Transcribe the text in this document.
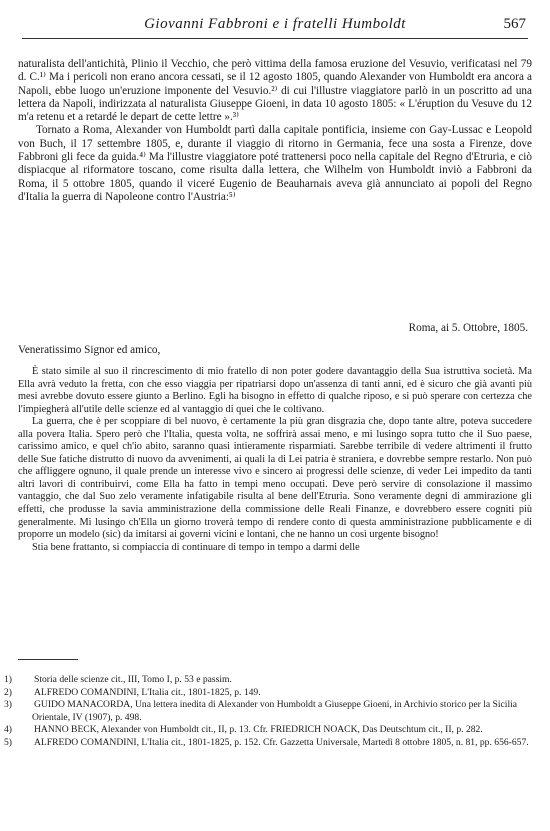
Giovanni Fabbroni e i fratelli Humboldt	567

naturalista dell'antichità, Plinio il Vecchio, che però vittima della famosa eruzione del Vesuvio, verificatasi nel 79 d. C.¹⁾ Ma i pericoli non erano ancora cessati, se il 12 agosto 1805, quando Alexander von Humboldt era ancora a Napoli, ebbe luogo un'eruzione imponente del Vesuvio.²⁾ di cui l'illustre viaggiatore parlò in un poscritto ad una lettera da Napoli, indirizzata al naturalista Giuseppe Gioeni, in data 10 agosto 1805: « L'éruption du Vesuve du 12 m'a retenu et a retardé le depart de cette lettre ».³⁾

Tornato a Roma, Alexander von Humboldt partì dalla capitale pontificia, insieme con Gay-Lussac e Leopold von Buch, il 17 settembre 1805, e, durante il viaggio di ritorno in Germania, fece una sosta a Firenze, dove Fabbroni gli fece da guida.⁴⁾ Ma l'illustre viaggiatore poté trattenersi poco nella capitale del Regno d'Etruria, e ciò dispiacque al riformatore toscano, come risulta dalla lettera, che Wilhelm von Humboldt inviò a Fabbroni da Roma, il 5 ottobre 1805, quando il viceré Eugenio de Beauharnais aveva già annunciato ai popoli del Regno d'Italia la guerra di Napoleone contro l'Austria:⁵⁾

Roma, ai 5. Ottobre, 1805.
Veneratissimo Signor ed amico,

È stato simile al suo il rincrescimento di mio fratello di non poter godere davantaggio della Sua istruttiva società. Ma Ella avrà veduto la fretta, con che esso viaggia per ripatriarsi dopo un'assenza di tanti anni, ed è sicuro che già avanti più mesi avrebbe dovuto essere giunto a Berlino. Egli ha bisogno in effetto di qualche riposo, e si può sperare con certezza che l'impiegherà all'utile delle scienze ed al vantaggio di quei che le coltivano.

La guerra, che è per scoppiare di bel nuovo, è certamente la più gran disgrazia che, dopo tante altre, poteva succedere alla povera Italia. Spero però che l'Italia, questa volta, ne soffrirà assai meno, e mi lusingo sopra tutto che il Suo paese, carissimo amico, e quel ch'io abito, saranno quasi intieramente risparmiati. Sarebbe terribile di vedere altrimenti il frutto delle Sue fatiche distrutto di nuovo da avvenimenti, ai quali la di Lei patria è straniera, e dovrebbe sempre restarlo. Non può che affliggere ognuno, il quale prende un interesse vivo e sincero ai progressi delle scienze, di veder Lei impedito da tanti altri lavori di contribuirvi, come Ella ha fatto in tempi meno occupati. Deve però servire di consolazione il massimo vantaggio, che dal Suo zelo veramente infatigabile risulta al bene dell'Etruria. Sono veramente degni di ammirazione gli effetti, che produsse la savia amministrazione della commissione delle Reali Finanze, e dovrebbero essere cogniti più generalmente. Mi lusingo ch'Ella un giorno troverà tempo di rendere conto di questa amministrazione pubblicamente e di proporre un modelo (sic) da imitarsi ai governi vicini e lontani, che ne hanno un così urgente bisogno!

Stia bene frattanto, si compiaccia di continuare di tempo in tempo a darmi delle

1) Storia delle scienze cit., III, Tomo I, p. 53 e passim.
2) ALFREDO COMANDINI, L'Italia cit., 1801-1825, p. 149.
3) GUIDO MANACORDA, Una lettera inedita di Alexander von Humboldt a Giuseppe Gioeni, in Archivio storico per la Sicilia Orientale, IV (1907), p. 498.
4) HANNO BECK, Alexander von Humboldt cit., II, p. 13. Cfr. FRIEDRICH NOACK, Das Deutschtum cit., II, p. 282.
5) ALFREDO COMANDINI, L'Italia cit., 1801-1825, p. 152. Cfr. Gazzetta Universale, Martedì 8 ottobre 1805, n. 81, pp. 656-657.
